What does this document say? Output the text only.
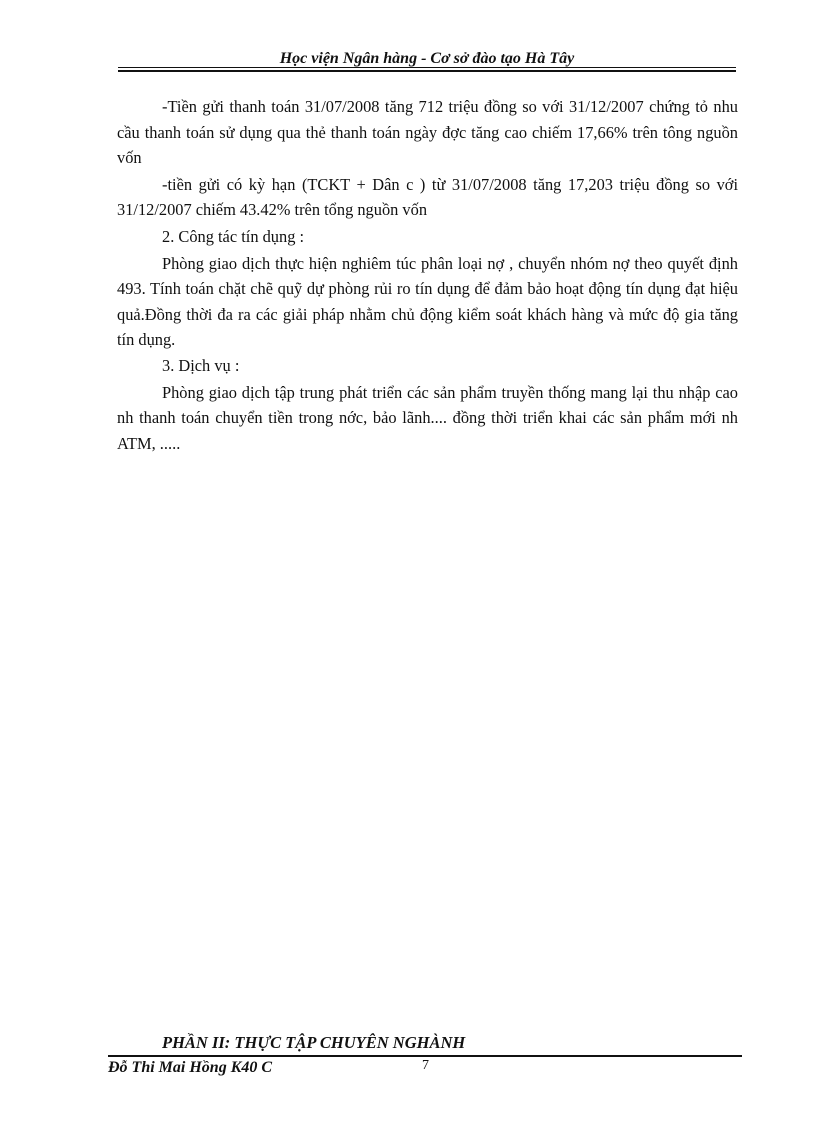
Học viện Ngân hàng - Cơ sở đào tạo Hà Tây

-Tiền gửi thanh toán 31/07/2008 tăng 712 triệu đồng so với 31/12/2007 chứng tỏ nhu cầu thanh toán sử dụng qua thẻ thanh toán ngày đợc tăng cao chiếm 17,66% trên tông nguồn vốn

-tiền gửi có kỳ hạn (TCKT + Dân c ) từ 31/07/2008 tăng 17,203 triệu đồng so với 31/12/2007 chiếm 43.42% trên tổng nguồn vốn

2. Công tác tín dụng :

Phòng giao dịch thực hiện nghiêm túc phân loại nợ , chuyển nhóm nợ theo quyết định 493. Tính toán chặt chẽ quỹ dự phòng rủi ro tín dụng để đảm bảo hoạt động tín dụng đạt hiệu quả.Đồng thời đa ra các giải pháp nhằm chủ động kiểm soát khách hàng và mức độ gia tăng tín dụng.

3. Dịch vụ :

Phòng giao dịch tập trung phát triển các sản phẩm truyền thống mang lại thu nhập cao nh thanh toán chuyển tiền trong nớc, bảo lãnh.... đồng thời triển khai các sản phẩm mới nh ATM, .....

PHẦN II: THỰC TẬP CHUYÊN NGHÀNH
Đỗ Thi Mai Hồng K40 C	7
